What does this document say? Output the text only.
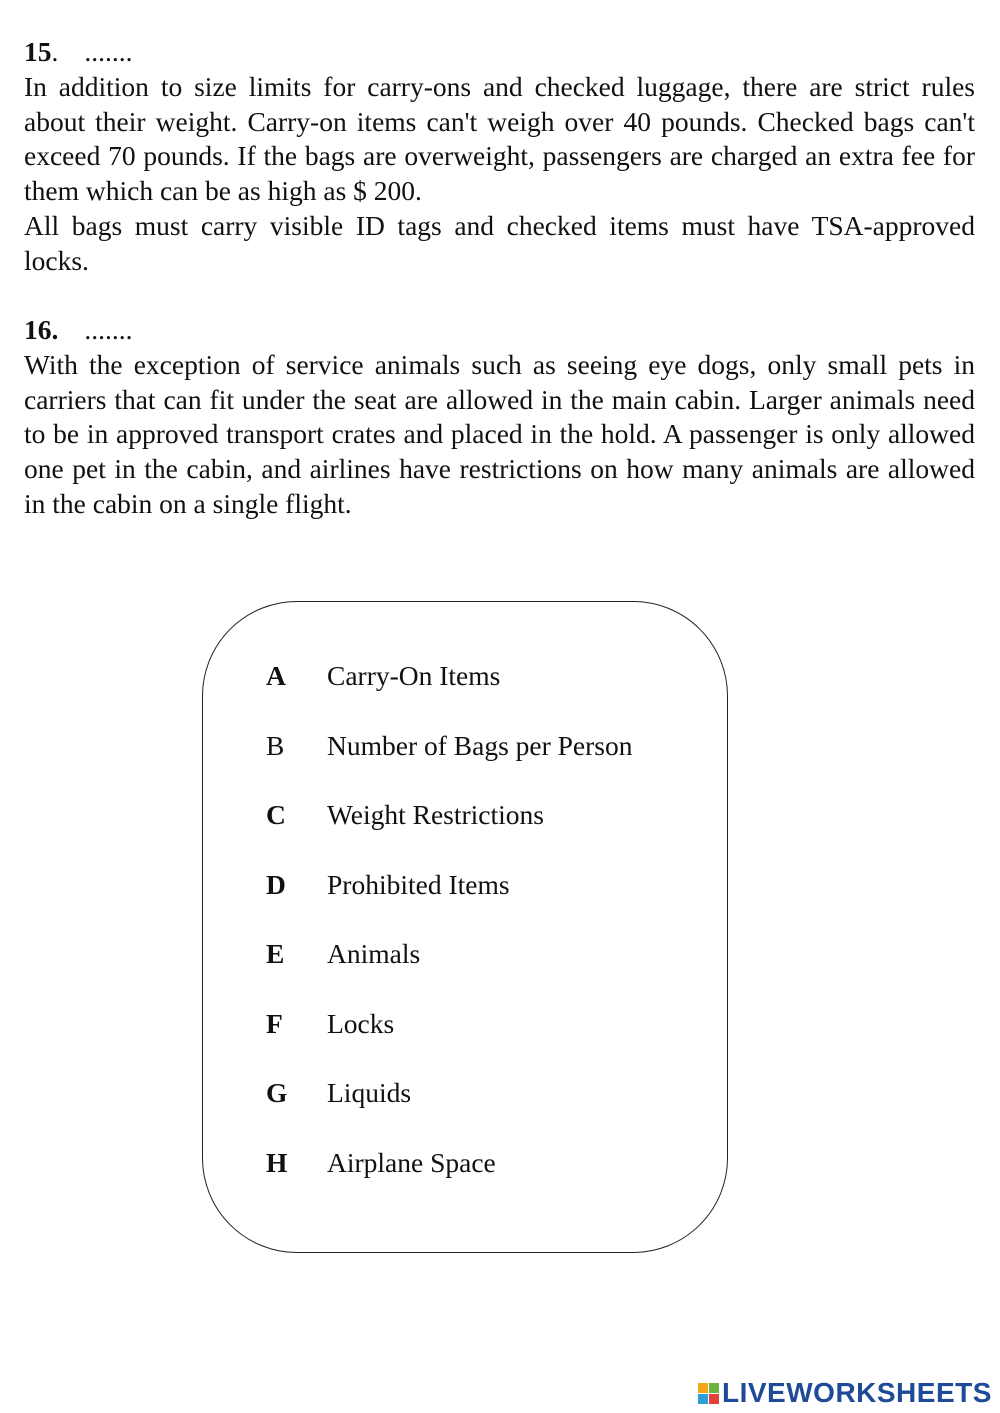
15 . .......

In addition to size limits for carry-ons and checked luggage, there are strict rules about their weight. Carry-on items can't weigh over 40 pounds. Checked bags can't exceed 70 pounds. If the bags are overweight, passengers are charged an extra fee for them which can be as high as $ 200.

All bags must carry visible ID tags and checked items must have TSA-approved locks.

16 . .......

With the exception of service animals such as seeing eye dogs, only small pets in carriers that can fit under the seat are allowed in the main cabin. Larger animals need to be in approved transport crates and placed in the hold. A passenger is only allowed one pet in the cabin, and airlines have restrictions on how many animals are allowed in the cabin on a single flight.

A	Carry-On Items
B	Number of Bags per Person
C	Weight Restrictions
D	Prohibited Items
E	Animals
F	Locks
G	Liquids
H	Airplane Space
LIVEWORKSHEETS
